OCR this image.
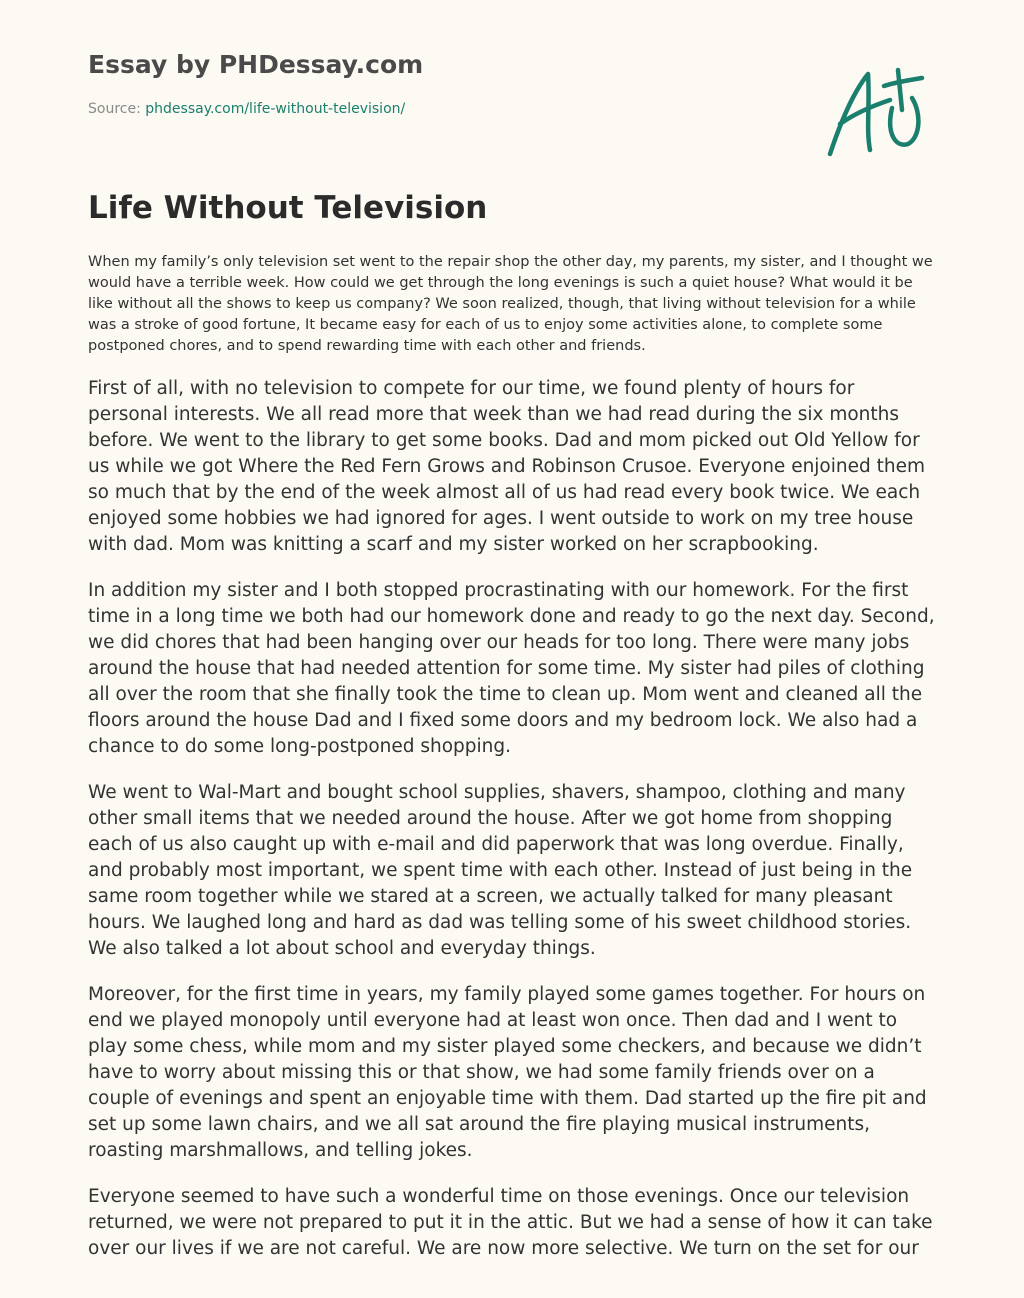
Essay by PHDessay.com
Source: phdessay.com/life-without-television/
Life Without Television

When my family’s only television set went to the repair shop the other day, my parents, my sister, and I thought we would have a terrible week. How could we get through the long evenings is such a quiet house? What would it be like without all the shows to keep us company? We soon realized, though, that living without television for a while was a stroke of good fortune, It became easy for each of us to enjoy some activities alone, to complete some postponed chores, and to spend rewarding time with each other and friends.

First of all, with no television to compete for our time, we found plenty of hours for personal interests. We all read more that week than we had read during the six months before. We went to the library to get some books. Dad and mom picked out Old Yellow for us while we got Where the Red Fern Grows and Robinson Crusoe. Everyone enjoined them so much that by the end of the week almost all of us had read every book twice. We each enjoyed some hobbies we had ignored for ages. I went outside to work on my tree house with dad. Mom was knitting a scarf and my sister worked on her scrapbooking.

In addition my sister and I both stopped procrastinating with our homework. For the first time in a long time we both had our homework done and ready to go the next day. Second, we did chores that had been hanging over our heads for too long. There were many jobs around the house that had needed attention for some time. My sister had piles of clothing all over the room that she finally took the time to clean up. Mom went and cleaned all the floors around the house Dad and I fixed some doors and my bedroom lock. We also had a chance to do some long-postponed shopping.

We went to Wal-Mart and bought school supplies, shavers, shampoo, clothing and many other small items that we needed around the house. After we got home from shopping each of us also caught up with e-mail and did paperwork that was long overdue. Finally, and probably most important, we spent time with each other. Instead of just being in the same room together while we stared at a screen, we actually talked for many pleasant hours. We laughed long and hard as dad was telling some of his sweet childhood stories. We also talked a lot about school and everyday things.

Moreover, for the first time in years, my family played some games together. For hours on end we played monopoly until everyone had at least won once. Then dad and I went to play some chess, while mom and my sister played some checkers, and because we didn’t have to worry about missing this or that show, we had some family friends over on a couple of evenings and spent an enjoyable time with them. Dad started up the fire pit and set up some lawn chairs, and we all sat around the fire playing musical instruments, roasting marshmallows, and telling jokes.

Everyone seemed to have such a wonderful time on those evenings. Once our television returned, we were not prepared to put it in the attic. But we had a sense of how it can take over our lives if we are not careful. We are now more selective. We turn on the set for our
